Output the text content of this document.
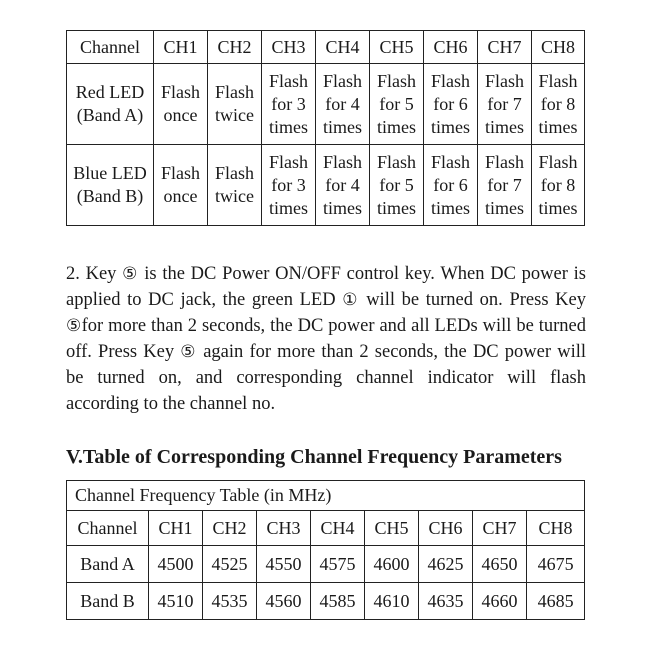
Channel	CH1	CH2	CH3	CH4	CH5	CH6	CH7	CH8

Red LED
(Band A)	Flash once	Flash twice	Flash for 3 times	Flash for 4 times	Flash for 5 times	Flash for 6 times	Flash for 7 times	Flash for 8 times

Blue LED
(Band B)	Flash once	Flash twice	Flash for 3 times	Flash for 4 times	Flash for 5 times	Flash for 6 times	Flash for 7 times	Flash for 8 times

2. Key ⑤ is the DC Power ON/OFF control key. When DC power is applied to DC jack, the green LED ① will be turned on. Press Key ⑤for more than 2 seconds, the DC power and all LEDs will be turned off. Press Key ⑤ again for more than 2 seconds, the DC power will be turned on, and corresponding channel indicator will flash according to the channel no.

V.Table of Corresponding Channel Frequency Parameters
Channel Frequency Table (in MHz)								
Channel	CH1	CH2	CH3	CH4	CH5	CH6	CH7	CH8
Band A	4500	4525	4550	4575	4600	4625	4650	4675
Band B	4510	4535	4560	4585	4610	4635	4660	4685
